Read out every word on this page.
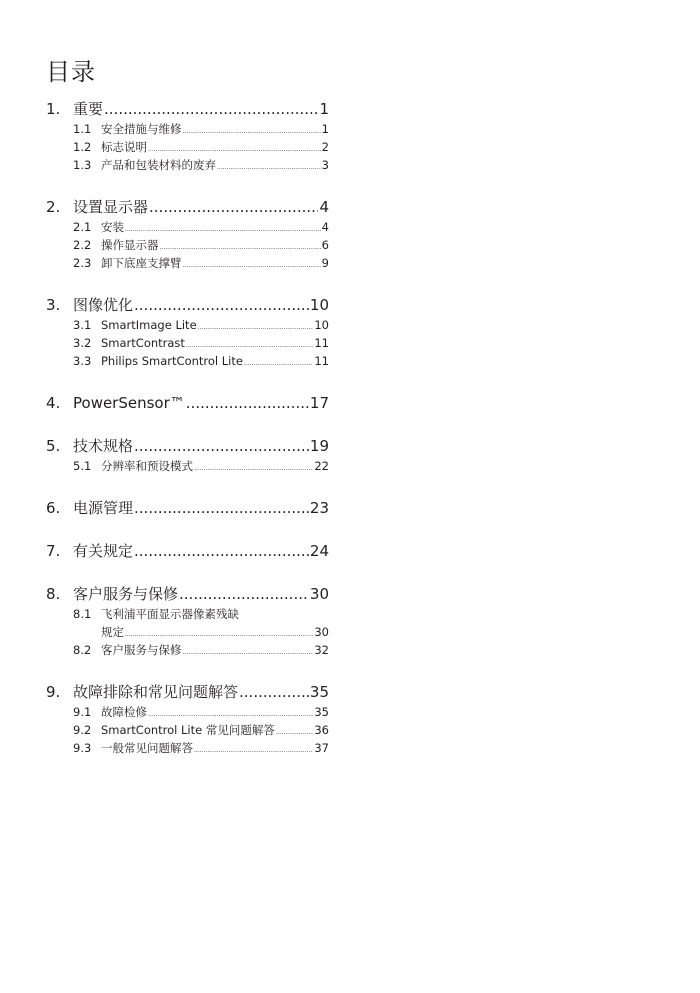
目录
1. 重要 .....	1
1.1 安全措施与维修 .....	1
1.2 标志说明 .....	2
1.3 产品和包装材料的废弃 .....	3
2. 设置显示器 .....	4
2.1 安装 .....	4
2.2 操作显示器 .....	6
2.3 卸下底座支撑臂 .....	9
3. 图像优化 .....	10
3.1 SmartImage Lite .....	10
3.2 SmartContrast .....	11
3.3 Philips SmartControl Lite .....	11
4. PowerSensor™ .....	17
5. 技术规格 .....	19
5.1 分辨率和预设模式 .....	22
6. 电源管理 .....	23
7. 有关规定 .....	24
8. 客户服务与保修 .....	30
8.1 飞利浦平面显示器像素残缺
规定 .....	30
8.2 客户服务与保修 .....	32
9. 故障排除和常见问题解答 .....	35
9.1 故障检修 .....	35
9.2 SmartControl Lite 常见问题解答 .....	36
9.3 一般常见问题解答 .....	37
